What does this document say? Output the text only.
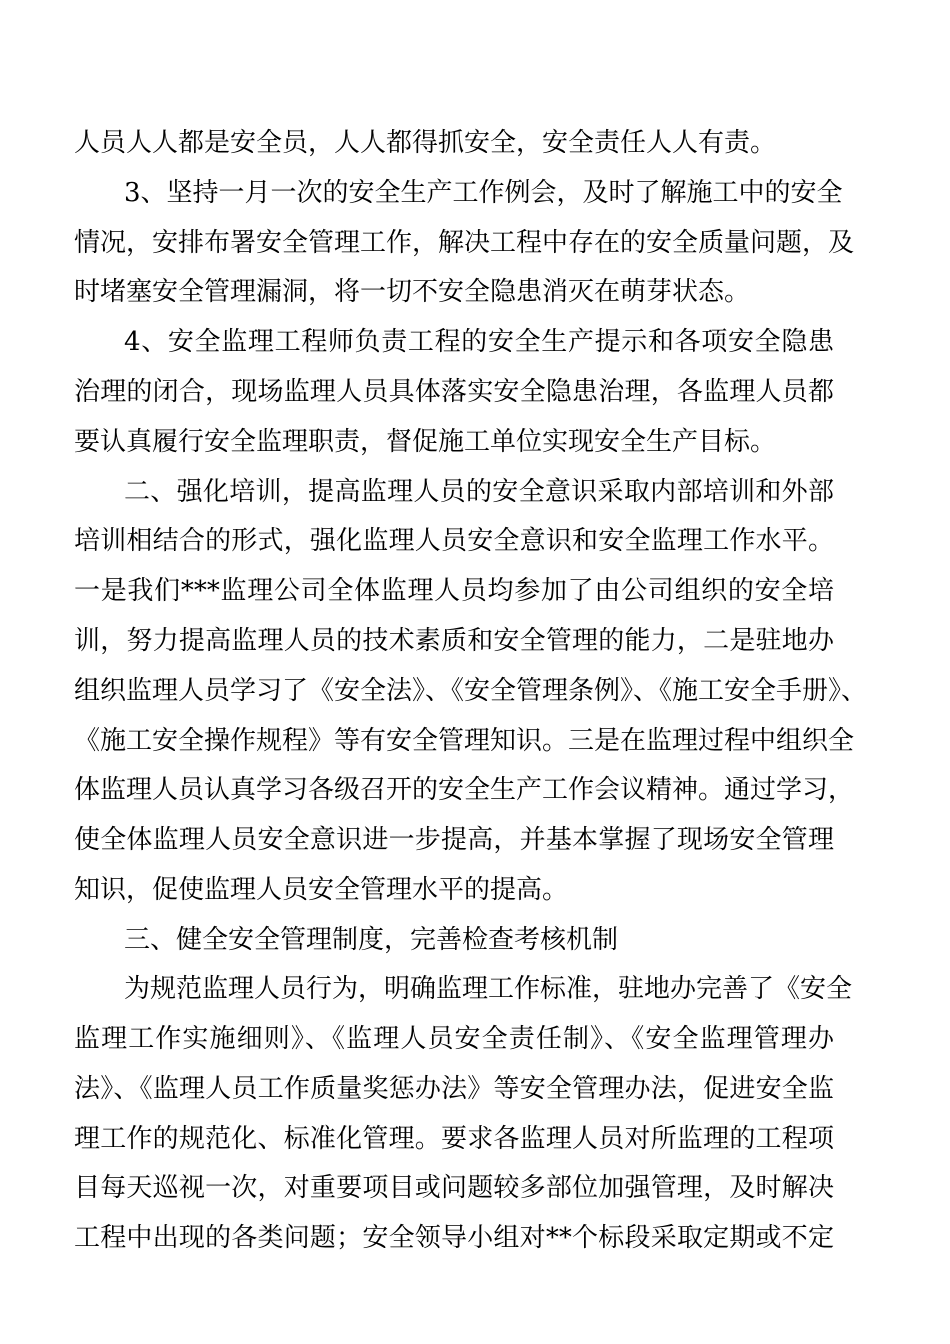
人员人人都是安全员，人人都得抓安全，安全责任人人有责。
3、坚持一月一次的安全生产工作例会，及时了解施工中的安全
情况，安排布署安全管理工作，解决工程中存在的安全质量问题，及
时堵塞安全管理漏洞，将一切不安全隐患消灭在萌芽状态。
4、安全监理工程师负责工程的安全生产提示和各项安全隐患
治理的闭合，现场监理人员具体落实安全隐患治理，各监理人员都
要认真履行安全监理职责，督促施工单位实现安全生产目标。
二、强化培训，提高监理人员的安全意识采取内部培训和外部
培训相结合的形式，强化监理人员安全意识和安全监理工作水平。
一是我们***监理公司全体监理人员均参加了由公司组织的安全培
训，努力提高监理人员的技术素质和安全管理的能力，二是驻地办
组织监理人员学习了《安全法》、《安全管理条例》、《施工安全手册》、
《施工安全操作规程》等有安全管理知识。三是在监理过程中组织全
体监理人员认真学习各级召开的安全生产工作会议精神。通过学习，
使全体监理人员安全意识进一步提高，并基本掌握了现场安全管理
知识，促使监理人员安全管理水平的提高。
三、健全安全管理制度，完善检查考核机制
为规范监理人员行为，明确监理工作标准，驻地办完善了《安全
监理工作实施细则》、《监理人员安全责任制》、《安全监理管理办
法》、《监理人员工作质量奖惩办法》等安全管理办法，促进安全监
理工作的规范化、标准化管理。要求各监理人员对所监理的工程项
目每天巡视一次，对重要项目或问题较多部位加强管理，及时解决
工程中出现的各类问题；安全领导小组对**个标段采取定期或不定
